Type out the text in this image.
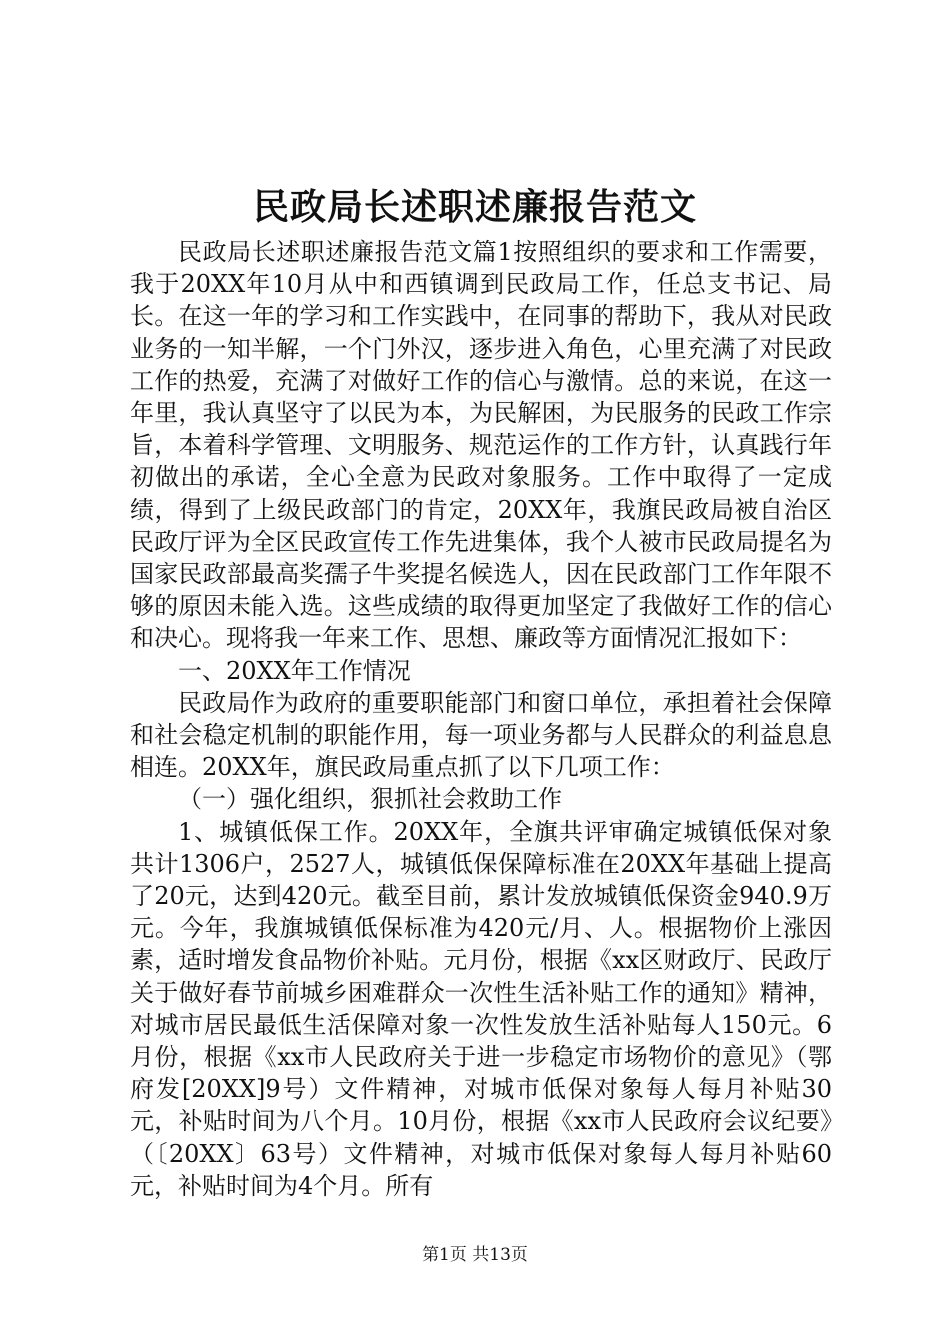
民政局长述职述廉报告范文

民政局长述职述廉报告范文篇1按照组织的要求和工作需要，我于20XX年10月从中和西镇调到民政局工作，任总支书记、局长。在这一年的学习和工作实践中，在同事的帮助下，我从对民政业务的一知半解，一个门外汉，逐步进入角色，心里充满了对民政工作的热爱，充满了对做好工作的信心与激情。总的来说，在这一年里，我认真坚守了以民为本，为民解困，为民服务的民政工作宗旨，本着科学管理、文明服务、规范运作的工作方针，认真践行年初做出的承诺，全心全意为民政对象服务。工作中取得了一定成绩，得到了上级民政部门的肯定，20XX年，我旗民政局被自治区民政厅评为全区民政宣传工作先进集体，我个人被市民政局提名为国家民政部最高奖孺子牛奖提名候选人，因在民政部门工作年限不够的原因未能入选。这些成绩的取得更加坚定了我做好工作的信心和决心。现将我一年来工作、思想、廉政等方面情况汇报如下：

一、20XX年工作情况

民政局作为政府的重要职能部门和窗口单位，承担着社会保障和社会稳定机制的职能作用，每一项业务都与人民群众的利益息息相连。20XX年，旗民政局重点抓了以下几项工作：

（一）强化组织，狠抓社会救助工作

1、城镇低保工作。20XX年，全旗共评审确定城镇低保对象共计1306户，2527人，城镇低保保障标准在20XX年基础上提高了20元，达到420元。截至目前，累计发放城镇低保资金940.9万元。今年，我旗城镇低保标准为420元/月、人。根据物价上涨因素，适时增发食品物价补贴。元月份，根据《xx区财政厅、民政厅关于做好春节前城乡困难群众一次性生活补贴工作的通知》精神，对城市居民最低生活保障对象一次性发放生活补贴每人150元。6月份，根据《xx市人民政府关于进一步稳定市场物价的意见》（鄂府发[20XX]9号）文件精神，对城市低保对象每人每月补贴30元，补贴时间为八个月。10月份，根据《xx市人民政府会议纪要》（〔20XX〕63号）文件精神，对城市低保对象每人每月补贴60元，补贴时间为4个月。所有

第1页 共13页
